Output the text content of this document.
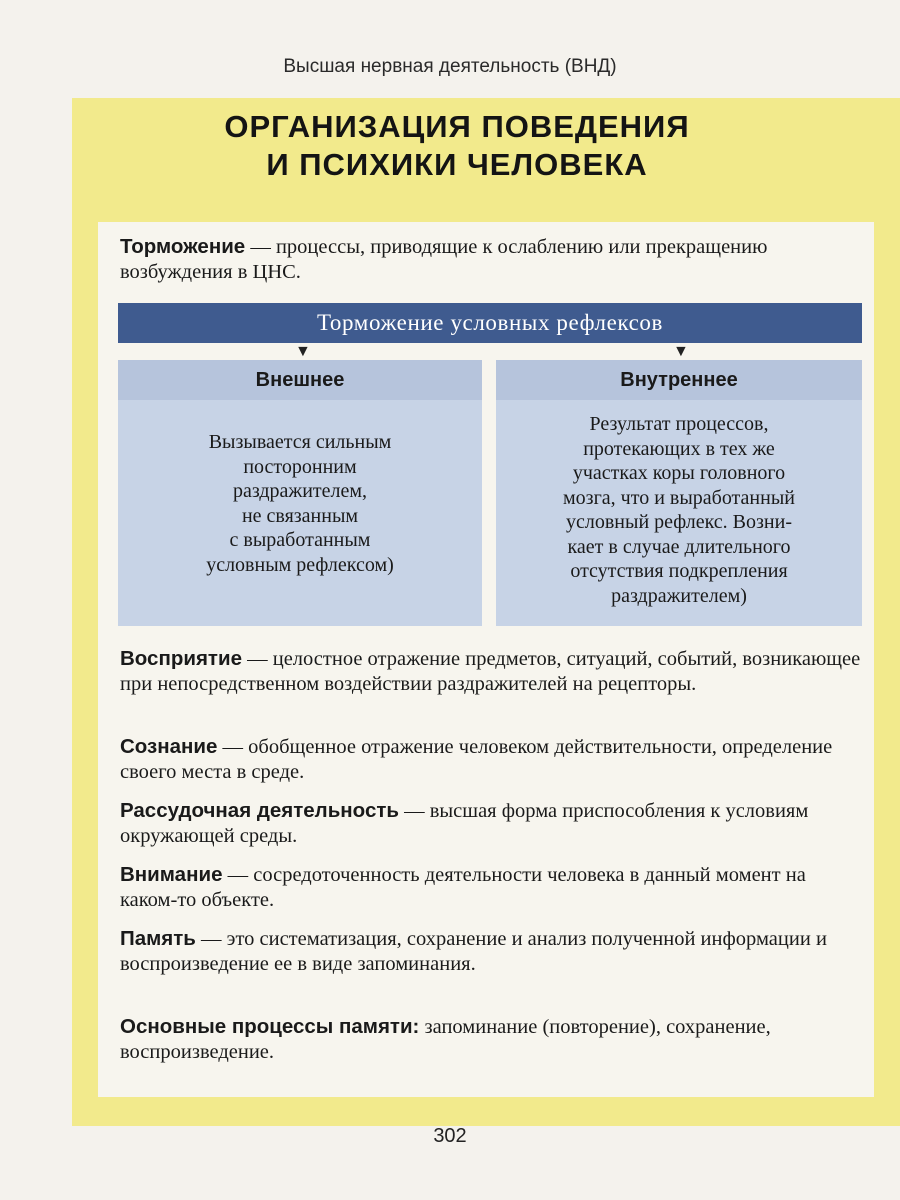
Высшая нервная деятельность (ВНД)
ОРГАНИЗАЦИЯ ПОВЕДЕНИЯ
И ПСИХИКИ ЧЕЛОВЕКА
Торможение — процессы, приводящие к ослаблению или прекращению возбуждения в ЦНС.
Торможение условных рефлексов
▼	▼
Внешнее
Вызывается сильным
посторонним
раздражителем,
не связанным
с выработанным
условным рефлексом)
Внутреннее
Результат процессов,
протекающих в тех же
участках коры головного
мозга, что и выработанный
условный рефлекс. Возни-
кает в случае длительного
отсутствия подкрепления
раздражителем)
Восприятие — целостное отражение предметов, ситуаций, событий, возникающее при непосредственном воздействии раздражителей на рецепторы.
Сознание — обобщенное отражение человеком действительности, определение своего места в среде.
Рассудочная деятельность — высшая форма приспособления к условиям окружающей среды.
Внимание — сосредоточенность деятельности человека в данный момент на каком-то объекте.
Память — это систематизация, сохранение и анализ полученной информации и воспроизведение ее в виде запоминания.
Основные процессы памяти: запоминание (повторение), сохранение, воспроизведение.
302
